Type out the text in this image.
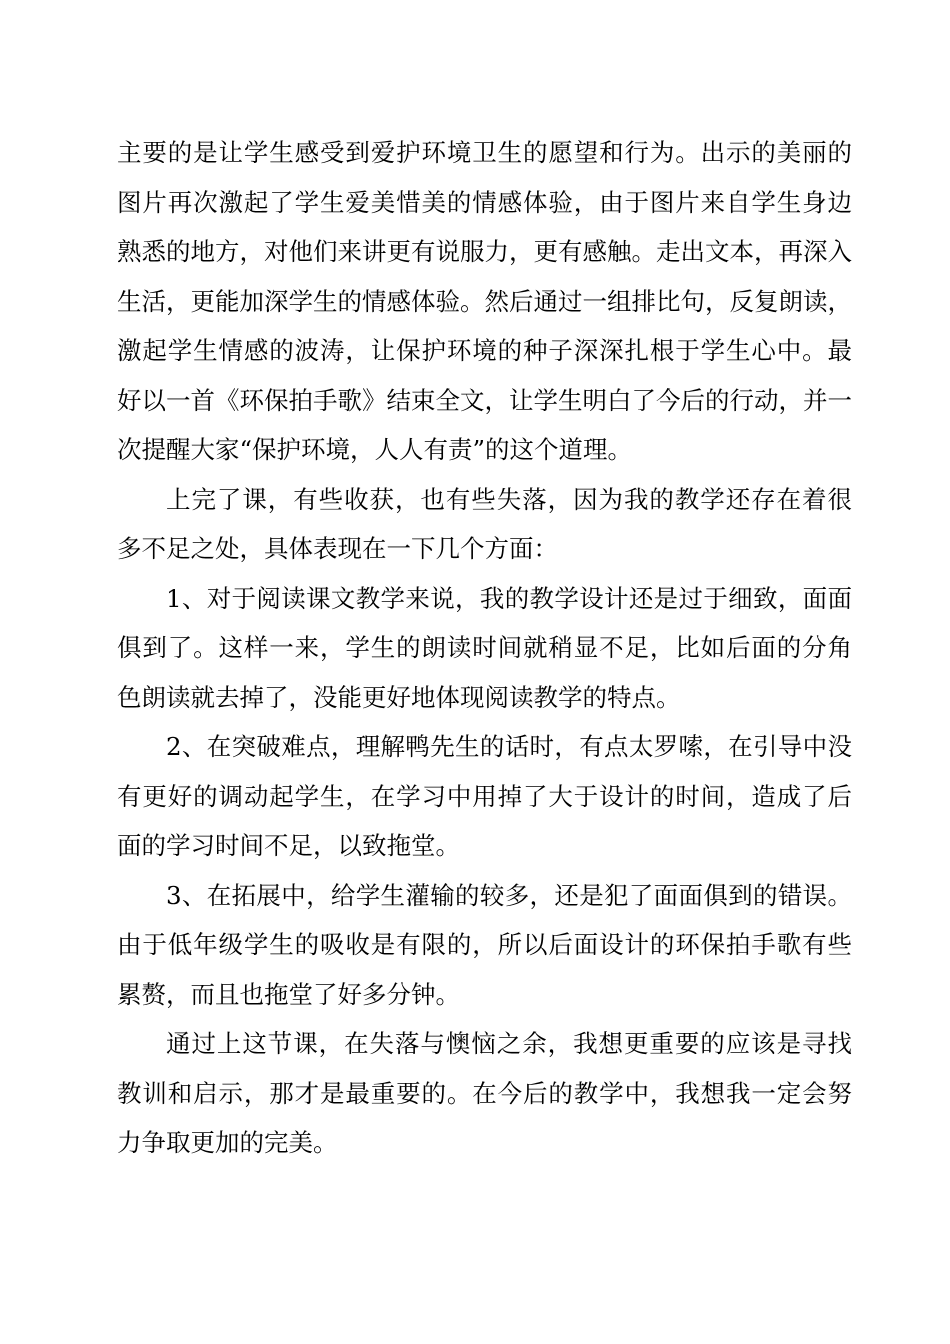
主要的是让学生感受到爱护环境卫生的愿望和行为。出示的美丽的
图片再次激起了学生爱美惜美的情感体验，由于图片来自学生身边
熟悉的地方，对他们来讲更有说服力，更有感触。走出文本，再深入
生活，更能加深学生的情感体验。然后通过一组排比句，反复朗读，
激起学生情感的波涛，让保护环境的种子深深扎根于学生心中。最
好以一首《环保拍手歌》结束全文，让学生明白了今后的行动，并一
次提醒大家“保护环境，人人有责”的这个道理。
上完了课，有些收获，也有些失落，因为我的教学还存在着很
多不足之处，具体表现在一下几个方面：
1、对于阅读课文教学来说，我的教学设计还是过于细致，面面
俱到了。这样一来，学生的朗读时间就稍显不足，比如后面的分角
色朗读就去掉了，没能更好地体现阅读教学的特点。
2、在突破难点，理解鸭先生的话时，有点太罗嗦，在引导中没
有更好的调动起学生，在学习中用掉了大于设计的时间，造成了后
面的学习时间不足，以致拖堂。
3、在拓展中，给学生灌输的较多，还是犯了面面俱到的错误。
由于低年级学生的吸收是有限的，所以后面设计的环保拍手歌有些
累赘，而且也拖堂了好多分钟。
通过上这节课，在失落与懊恼之余，我想更重要的应该是寻找
教训和启示，那才是最重要的。在今后的教学中，我想我一定会努
力争取更加的完美。
